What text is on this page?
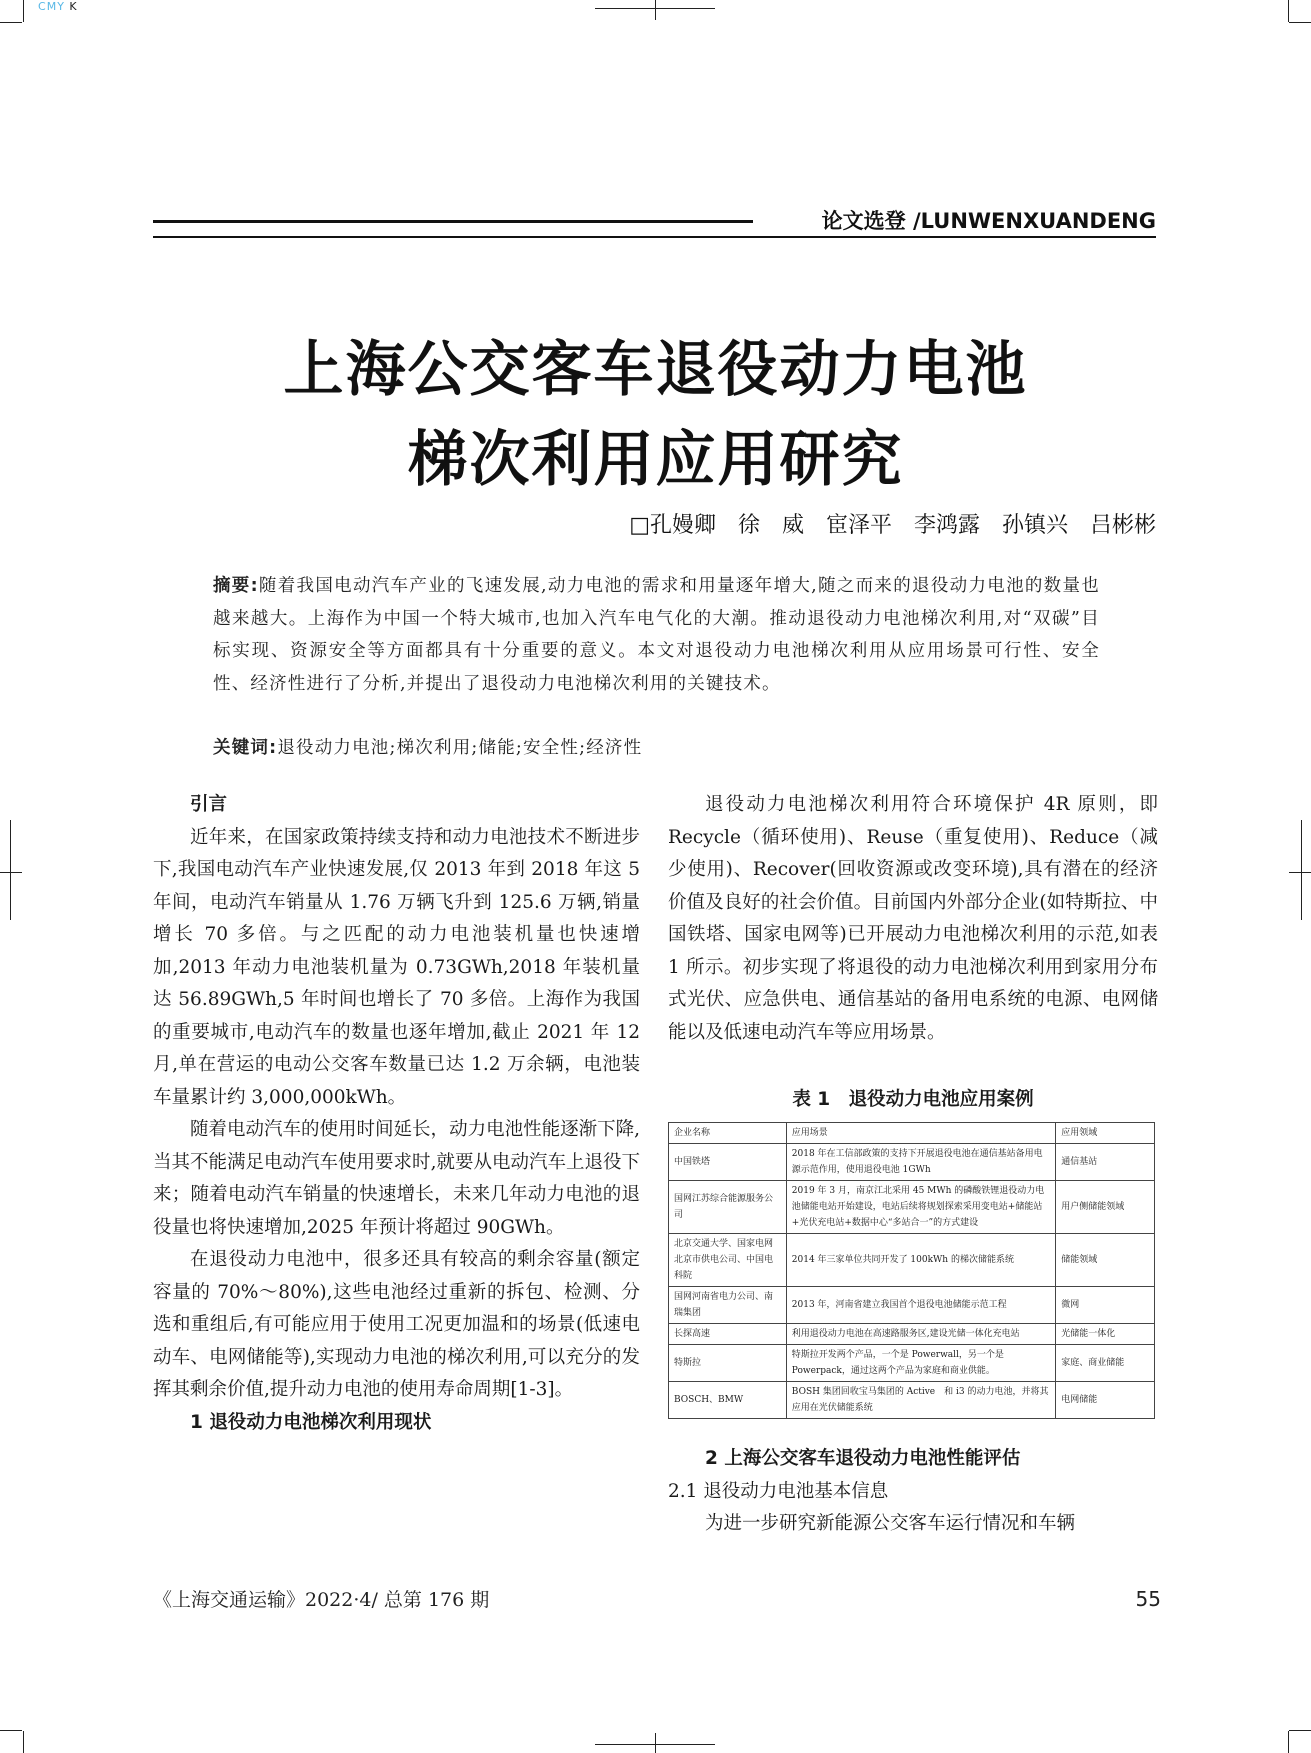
CMY K
论文选登 /LUNWENXUANDENG
上海公交客车退役动力电池
梯次利用应用研究
□孔嫚卿　徐　威　宦泽平　李鸿露　孙镇兴　吕彬彬
摘要:随着我国电动汽车产业的飞速发展,动力电池的需求和用量逐年增大,随之而来的退役动力电池的数量也越来越大。上海作为中国一个特大城市,也加入汽车电气化的大潮。推动退役动力电池梯次利用,对“双碳”目标实现、资源安全等方面都具有十分重要的意义。本文对退役动力电池梯次利用从应用场景可行性、安全性、经济性进行了分析,并提出了退役动力电池梯次利用的关键技术。
关键词:退役动力电池;梯次利用;储能;安全性;经济性

引言

近年来，在国家政策持续支持和动力电池技术不断进步下,我国电动汽车产业快速发展,仅 2013 年到 2018 年这 5 年间，电动汽车销量从 1.76 万辆飞升到 125.6 万辆,销量增长 70 多倍。与之匹配的动力电池装机量也快速增加,2013 年动力电池装机量为 0.73GWh,2018 年装机量达 56.89GWh,5 年时间也增长了 70 多倍。上海作为我国的重要城市,电动汽车的数量也逐年增加,截止 2021 年 12 月,单在营运的电动公交客车数量已达 1.2 万余辆，电池装车量累计约 3,000,000kWh。

随着电动汽车的使用时间延长，动力电池性能逐渐下降,当其不能满足电动汽车使用要求时,就要从电动汽车上退役下来；随着电动汽车销量的快速增长，未来几年动力电池的退役量也将快速增加,2025 年预计将超过 90GWh。

在退役动力电池中，很多还具有较高的剩余容量(额定容量的 70%～80%),这些电池经过重新的拆包、检测、分选和重组后,有可能应用于使用工况更加温和的场景(低速电动车、电网储能等),实现动力电池的梯次利用,可以充分的发挥其剩余价值,提升动力电池的使用寿命周期[1-3]。

1 退役动力电池梯次利用现状

退役动力电池梯次利用符合环境保护 4R 原则，即 Recycle（循环使用)、Reuse（重复使用)、Reduce（减少使用)、Recover(回收资源或改变环境),具有潜在的经济价值及良好的社会价值。目前国内外部分企业(如特斯拉、中国铁塔、国家电网等)已开展动力电池梯次利用的示范,如表 1 所示。初步实现了将退役的动力电池梯次利用到家用分布式光伏、应急供电、通信基站的备用电系统的电源、电网储能以及低速电动汽车等应用场景。

表 1　退役动力电池应用案例
企业名称	应用场景	应用领域
中国铁塔	2018 年在工信部政策的支持下开展退役电池在通信基站备用电源示范作用，使用退役电池 1GWh	通信基站
国网江苏综合能源服务公司	2019 年 3 月，南京江北采用 45 MWh 的磷酸铁锂退役动力电池储能电站开始建设，电站后续将规划探索采用变电站+储能站+光伏充电站+数据中心“多站合一”的方式建设	用户侧储能领域
北京交通大学、国家电网北京市供电公司、中国电科院	2014 年三家单位共同开发了 100kWh 的梯次储能系统	储能领域
国网河南省电力公司、南瑞集团	2013 年，河南省建立我国首个退役电池储能示范工程	微网
长探高速	利用退役动力电池在高速路服务区,建设光储一体化充电站	光储能一体化
特斯拉	特斯拉开发两个产品，一个是 Powerwall，另一个是 Powerpack，通过这两个产品为家庭和商业供能。	家庭、商业储能
BOSCH、BMW	BOSH 集团回收宝马集团的 Active　和 i3 的动力电池，并将其应用在光伏储能系统	电网储能

2 上海公交客车退役动力电池性能评估

2.1 退役动力电池基本信息

为进一步研究新能源公交客车运行情况和车辆

《上海交通运输》2022·4/ 总第 176 期	55
